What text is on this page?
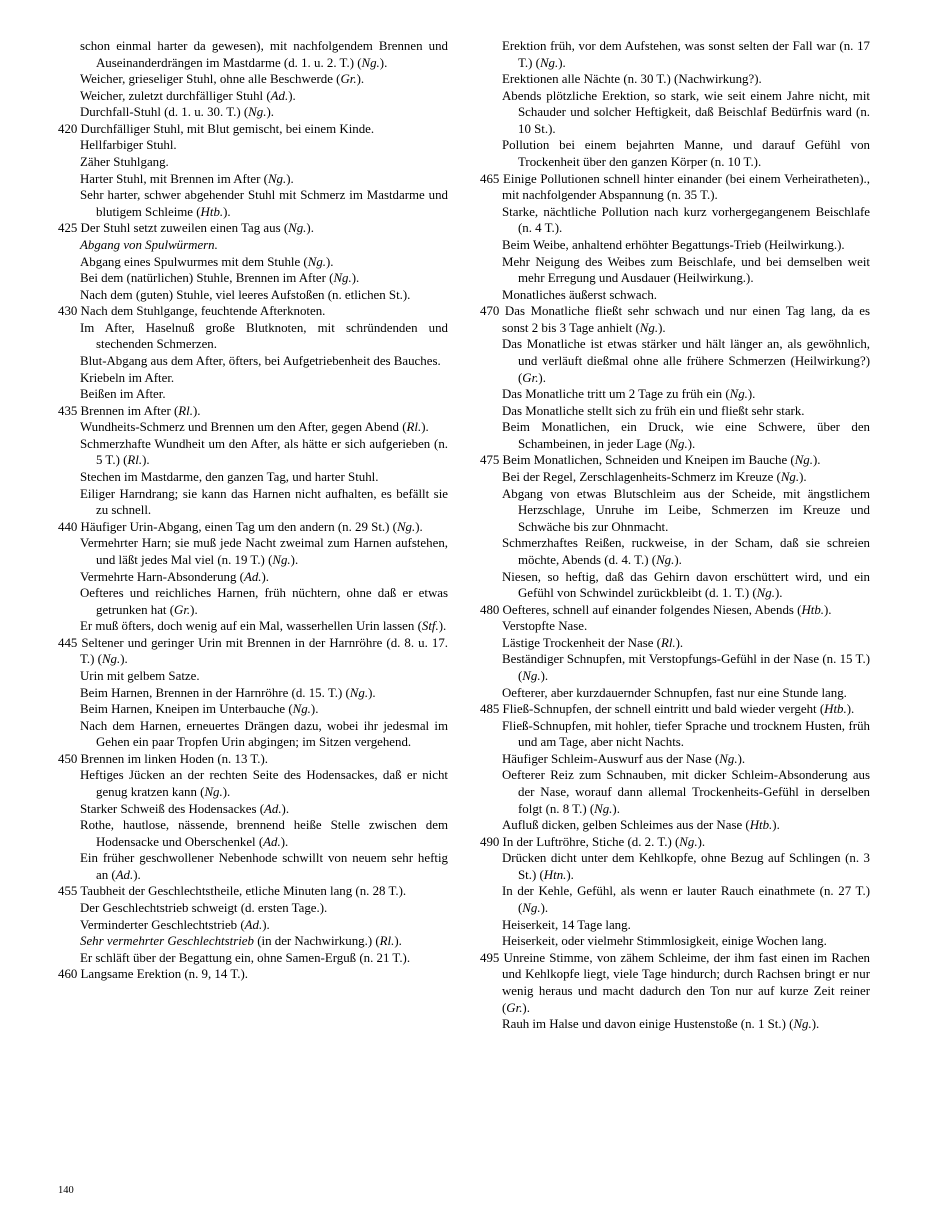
schon einmal harter da gewesen), mit nachfolgendem Brennen und Auseinanderdrängen im Mastdarme (d. 1. u. 2. T.) (Ng.).

Weicher, grieseliger Stuhl, ohne alle Beschwerde (Gr.).

Weicher, zuletzt durchfälliger Stuhl (Ad.).

Durchfall-Stuhl (d. 1. u. 30. T.) (Ng.).

420 Durchfälliger Stuhl, mit Blut gemischt, bei einem Kinde.

Hellfarbiger Stuhl.

Zäher Stuhlgang.

Harter Stuhl, mit Brennen im After (Ng.).

Sehr harter, schwer abgehender Stuhl mit Schmerz im Mastdarme und blutigem Schleime (Htb.).

425 Der Stuhl setzt zuweilen einen Tag aus (Ng.).

Abgang von Spulwürmern.

Abgang eines Spulwurmes mit dem Stuhle (Ng.).

Bei dem (natürlichen) Stuhle, Brennen im After (Ng.).

Nach dem (guten) Stuhle, viel leeres Aufstoßen (n. etlichen St.).

430 Nach dem Stuhlgange, feuchtende Afterknoten.

Im After, Haselnuß große Blutknoten, mit schründenden und stechenden Schmerzen.

Blut-Abgang aus dem After, öfters, bei Aufgetriebenheit des Bauches.

Kriebeln im After.

Beißen im After.

435 Brennen im After (Rl.).

Wundheits-Schmerz und Brennen um den After, gegen Abend (Rl.).

Schmerzhafte Wundheit um den After, als hätte er sich aufgerieben (n. 5 T.) (Rl.).

Stechen im Mastdarme, den ganzen Tag, und harter Stuhl.

Eiliger Harndrang; sie kann das Harnen nicht aufhalten, es befällt sie zu schnell.

440 Häufiger Urin-Abgang, einen Tag um den andern (n. 29 St.) (Ng.).

Vermehrter Harn; sie muß jede Nacht zweimal zum Harnen aufstehen, und läßt jedes Mal viel (n. 19 T.) (Ng.).

Vermehrte Harn-Absonderung (Ad.).

Oefteres und reichliches Harnen, früh nüchtern, ohne daß er etwas getrunken hat (Gr.).

Er muß öfters, doch wenig auf ein Mal, wasserhellen Urin lassen (Stf.).

445 Seltener und geringer Urin mit Brennen in der Harnröhre (d. 8. u. 17. T.) (Ng.).

Urin mit gelbem Satze.

Beim Harnen, Brennen in der Harnröhre (d. 15. T.) (Ng.).

Beim Harnen, Kneipen im Unterbauche (Ng.).

Nach dem Harnen, erneuertes Drängen dazu, wobei ihr jedesmal im Gehen ein paar Tropfen Urin abgingen; im Sitzen vergehend.

450 Brennen im linken Hoden (n. 13 T.).

Heftiges Jücken an der rechten Seite des Hodensackes, daß er nicht genug kratzen kann (Ng.).

Starker Schweiß des Hodensackes (Ad.).

Rothe, hautlose, nässende, brennend heiße Stelle zwischen dem Hodensacke und Oberschenkel (Ad.).

Ein früher geschwollener Nebenhode schwillt von neuem sehr heftig an (Ad.).

455 Taubheit der Geschlechtstheile, etliche Minuten lang (n. 28 T.).

Der Geschlechtstrieb schweigt (d. ersten Tage.).

Verminderter Geschlechtstrieb (Ad.).

Sehr vermehrter Geschlechtstrieb (in der Nachwirkung.) (Rl.).

Er schläft über der Begattung ein, ohne Samen-Erguß (n. 21 T.).

460 Langsame Erektion (n. 9, 14 T.).

Erektion früh, vor dem Aufstehen, was sonst selten der Fall war (n. 17 T.) (Ng.).

Erektionen alle Nächte (n. 30 T.) (Nachwirkung?).

Abends plötzliche Erektion, so stark, wie seit einem Jahre nicht, mit Schauder und solcher Heftigkeit, daß Beischlaf Bedürfnis ward (n. 10 St.).

Pollution bei einem bejahrten Manne, und darauf Gefühl von Trockenheit über den ganzen Körper (n. 10 T.).

465 Einige Pollutionen schnell hinter einander (bei einem Verheiratheten)., mit nachfolgender Abspannung (n. 35 T.).

Starke, nächtliche Pollution nach kurz vorhergegangenem Beischlafe (n. 4 T.).

Beim Weibe, anhaltend erhöhter Begattungs-Trieb (Heilwirkung.).

Mehr Neigung des Weibes zum Beischlafe, und bei demselben weit mehr Erregung und Ausdauer (Heilwirkung.).

Monatliches äußerst schwach.

470 Das Monatliche fließt sehr schwach und nur einen Tag lang, da es sonst 2 bis 3 Tage anhielt (Ng.).

Das Monatliche ist etwas stärker und hält länger an, als gewöhnlich, und verläuft dießmal ohne alle frühere Schmerzen (Heilwirkung?) (Gr.).

Das Monatliche tritt um 2 Tage zu früh ein (Ng.).

Das Monatliche stellt sich zu früh ein und fließt sehr stark.

Beim Monatlichen, ein Druck, wie eine Schwere, über den Schambeinen, in jeder Lage (Ng.).

475 Beim Monatlichen, Schneiden und Kneipen im Bauche (Ng.).

Bei der Regel, Zerschlagenheits-Schmerz im Kreuze (Ng.).

Abgang von etwas Blutschleim aus der Scheide, mit ängstlichem Herzschlage, Unruhe im Leibe, Schmerzen im Kreuze und Schwäche bis zur Ohnmacht.

Schmerzhaftes Reißen, ruckweise, in der Scham, daß sie schreien möchte, Abends (d. 4. T.) (Ng.).

Niesen, so heftig, daß das Gehirn davon erschüttert wird, und ein Gefühl von Schwindel zurückbleibt (d. 1. T.) (Ng.).

480 Oefteres, schnell auf einander folgendes Niesen, Abends (Htb.).

Verstopfte Nase.

Lästige Trockenheit der Nase (Rl.).

Beständiger Schnupfen, mit Verstopfungs-Gefühl in der Nase (n. 15 T.) (Ng.).

Oefterer, aber kurzdauernder Schnupfen, fast nur eine Stunde lang.

485 Fließ-Schnupfen, der schnell eintritt und bald wieder vergeht (Htb.).

Fließ-Schnupfen, mit hohler, tiefer Sprache und trocknem Husten, früh und am Tage, aber nicht Nachts.

Häufiger Schleim-Auswurf aus der Nase (Ng.).

Oefterer Reiz zum Schnauben, mit dicker Schleim-Absonderung aus der Nase, worauf dann allemal Trockenheits-Gefühl in derselben folgt (n. 8 T.) (Ng.).

Aufluß dicken, gelben Schleimes aus der Nase (Htb.).

490 In der Luftröhre, Stiche (d. 2. T.) (Ng.).

Drücken dicht unter dem Kehlkopfe, ohne Bezug auf Schlingen (n. 3 St.) (Htn.).

In der Kehle, Gefühl, als wenn er lauter Rauch einathmete (n. 27 T.) (Ng.).

Heiserkeit, 14 Tage lang.

Heiserkeit, oder vielmehr Stimmlosigkeit, einige Wochen lang.

495 Unreine Stimme, von zähem Schleime, der ihm fast einen im Rachen und Kehlkopfe liegt, viele Tage hindurch; durch Rachsen bringt er nur wenig heraus und macht dadurch den Ton nur auf kurze Zeit reiner (Gr.).

Rauh im Halse und davon einige Hustenstoße (n. 1 St.) (Ng.).

140
